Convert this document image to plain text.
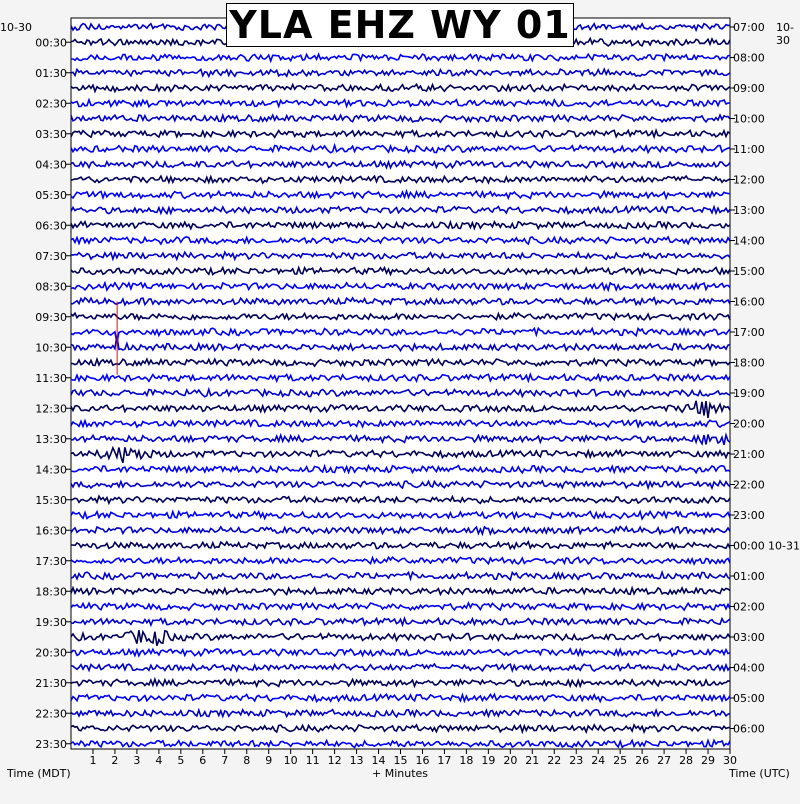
00:30
01:30
02:30
03:30
04:30
05:30
06:30
07:30
08:30
09:30
10:30
11:30
12:30
13:30
14:30
15:30
16:30
17:30
18:30
19:30
20:30
21:30
22:30
23:30
07:00
08:00
09:00
10:00
11:00
12:00
13:00
14:00
15:00
16:00
17:00
18:00
19:00
20:00
21:00
22:00
23:00
00:00 10-31
01:00
02:00
03:00
04:00
05:00
06:00
1 2 3 4 5 6 7 8 9 10 11 12 13 14 15 16 17 18 19 20 21 22 23 24 25 26 27 28 29 30
YLA EHZ WY 01
10-30	10-30
Time (MDT)	Time (UTC)
+ Minutes
